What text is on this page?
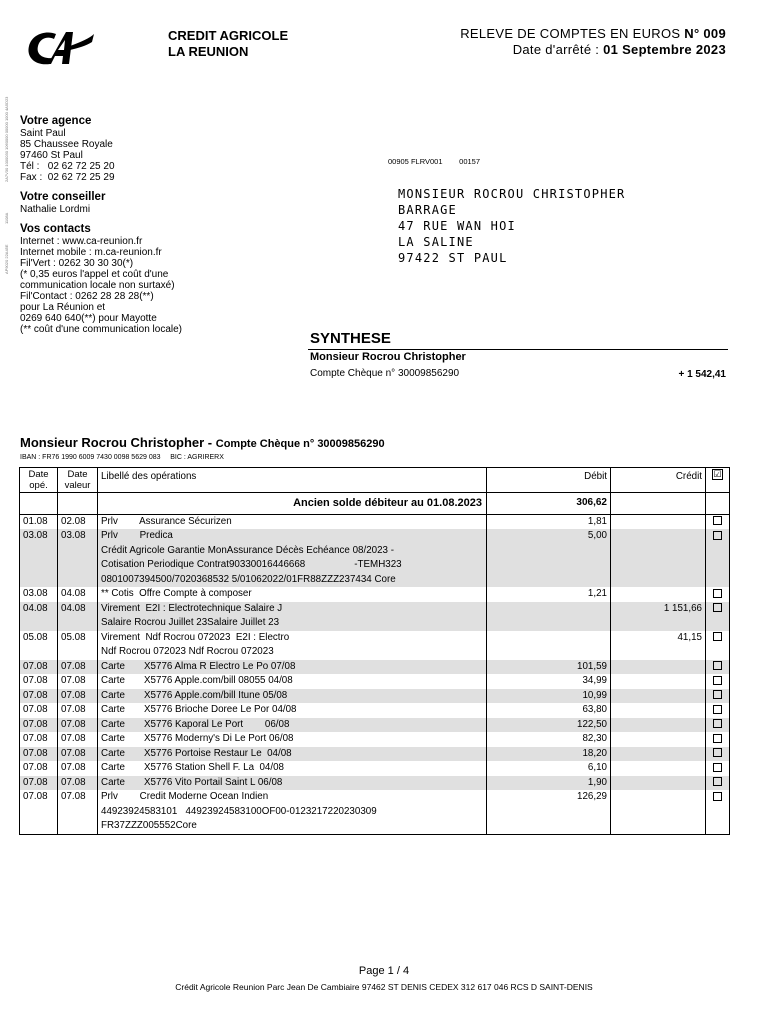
CREDIT AGRICOLE
LA REUNION
RELEVE DE COMPTES EN EUROS N° 009
Date d'arrêté : 01 Septembre 2023
2A7V30 1000030 1060000 00000 1000 4A5D23
1108A
AP9020 22A45E
Votre agence
Saint Paul
85 Chaussee Royale
97460 St Paul
Tél :   02 62 72 25 20
Fax :  02 62 72 25 29
Votre conseiller
Nathalie Lordmi
Vos contacts
Internet : www.ca-reunion.fr
Internet mobile : m.ca-reunion.fr
Fil'Vert : 0262 30 30 30(*)
(* 0,35 euros l'appel et coût d'une
communication locale non surtaxé)
Fil'Contact : 0262 28 28 28(**)
pour La Réunion et
0269 640 640(**) pour Mayotte
(** coût d'une communication locale)
00905 FLRV001        00157
MONSIEUR ROCROU CHRISTOPHER
BARRAGE
47 RUE WAN HOI
LA SALINE
97422 ST PAUL
SYNTHESE
Monsieur Rocrou Christopher
Compte Chèque n° 30009856290	+ 1 542,41
Monsieur Rocrou Christopher - Compte Chèque n° 30009856290
IBAN : FR76 1990 6009 7430 0098 5629 083     BIC : AGRIRERX
Date opé.	Date valeur	Libellé des opérations	Débit	Crédit	☑
		Ancien solde débiteur au 01.08.2023	306,62		
01.08	02.08	Prlv        Assurance Sécurizen	1,81		
03.08	03.08	Prlv        Predica
Crédit Agricole Garantie MonAssurance Décès Echéance 08/2023 -
Cotisation Periodique Contrat90330016446668                  -TEMH323
0801007394500/7020368532 5/01062022/01FR88ZZZ237434 Core	5,00		
03.08	04.08	** Cotis  Offre Compte à composer	1,21		
04.08	04.08	Virement  E2I : Electrotechnique Salaire J
Salaire Rocrou Juillet 23Salaire Juillet 23		1 151,66	
05.08	05.08	Virement  Ndf Rocrou 072023  E2I : Electro
Ndf Rocrou 072023 Ndf Rocrou 072023		41,15	
07.08	07.08	Carte       X5776 Alma R Electro Le Po 07/08	101,59		
07.08	07.08	Carte       X5776 Apple.com/bill 08055 04/08	34,99		
07.08	07.08	Carte       X5776 Apple.com/bill Itune 05/08	10,99		
07.08	07.08	Carte       X5776 Brioche Doree Le Por 04/08	63,80		
07.08	07.08	Carte       X5776 Kaporal Le Port        06/08	122,50		
07.08	07.08	Carte       X5776 Moderny's Di Le Port 06/08	82,30		
07.08	07.08	Carte       X5776 Portoise Restaur Le  04/08	18,20		
07.08	07.08	Carte       X5776 Station Shell F. La  04/08	6,10		
07.08	07.08	Carte       X5776 Vito Portail Saint L 06/08	1,90		
07.08	07.08	Prlv        Credit Moderne Ocean Indien
44923924583101   44923924583100OF00-0123217220230309
FR37ZZZ005552Core	126,29		
Page 1 / 4
Crédit Agricole Reunion Parc Jean De Cambiaire 97462 ST DENIS CEDEX 312 617 046 RCS D SAINT-DENIS
